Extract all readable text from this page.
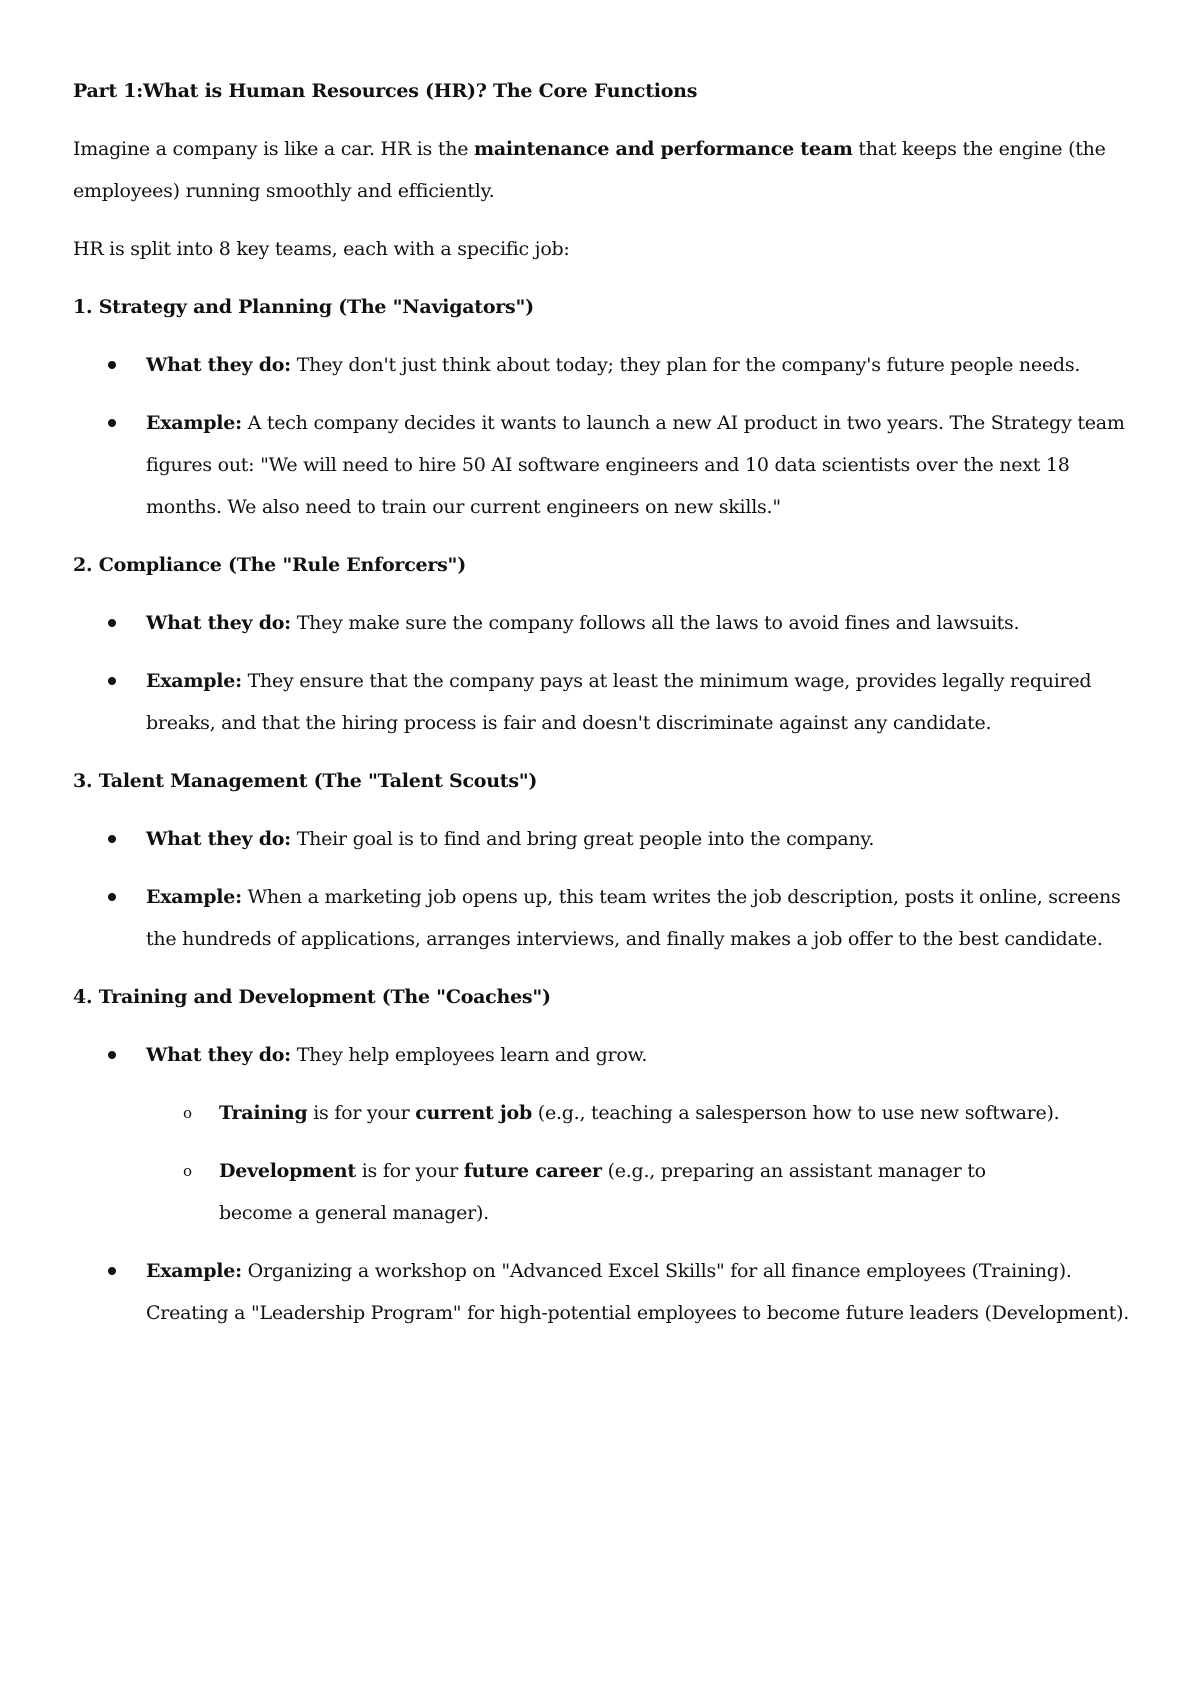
Part 1:What is Human Resources (HR)? The Core Functions

Imagine a company is like a car. HR is the maintenance and performance team that keeps the engine (the employees) running smoothly and efficiently.

HR is split into 8 key teams, each with a specific job:

1. Strategy and Planning (The "Navigators")

What they do: They don't just think about today; they plan for the company's future people needs.
Example: A tech company decides it wants to launch a new AI product in two years. The Strategy team figures out: "We will need to hire 50 AI software engineers and 10 data scientists over the next 18 months. We also need to train our current engineers on new skills."

2. Compliance (The "Rule Enforcers")

What they do: They make sure the company follows all the laws to avoid fines and lawsuits.
Example: They ensure that the company pays at least the minimum wage, provides legally required breaks, and that the hiring process is fair and doesn't discriminate against any candidate.

3. Talent Management (The "Talent Scouts")

What they do: Their goal is to find and bring great people into the company.
Example: When a marketing job opens up, this team writes the job description, posts it online, screens the hundreds of applications, arranges interviews, and finally makes a job offer to the best candidate.

4. Training and Development (The "Coaches")

What they do: They help employees learn and grow.
o Training is for your current job (e.g., teaching a salesperson how to use new software).
o Development is for your future career (e.g., preparing an assistant manager to become a general manager).
Example: Organizing a workshop on "Advanced Excel Skills" for all finance employees (Training). Creating a "Leadership Program" for high-potential employees to become future leaders (Development).
